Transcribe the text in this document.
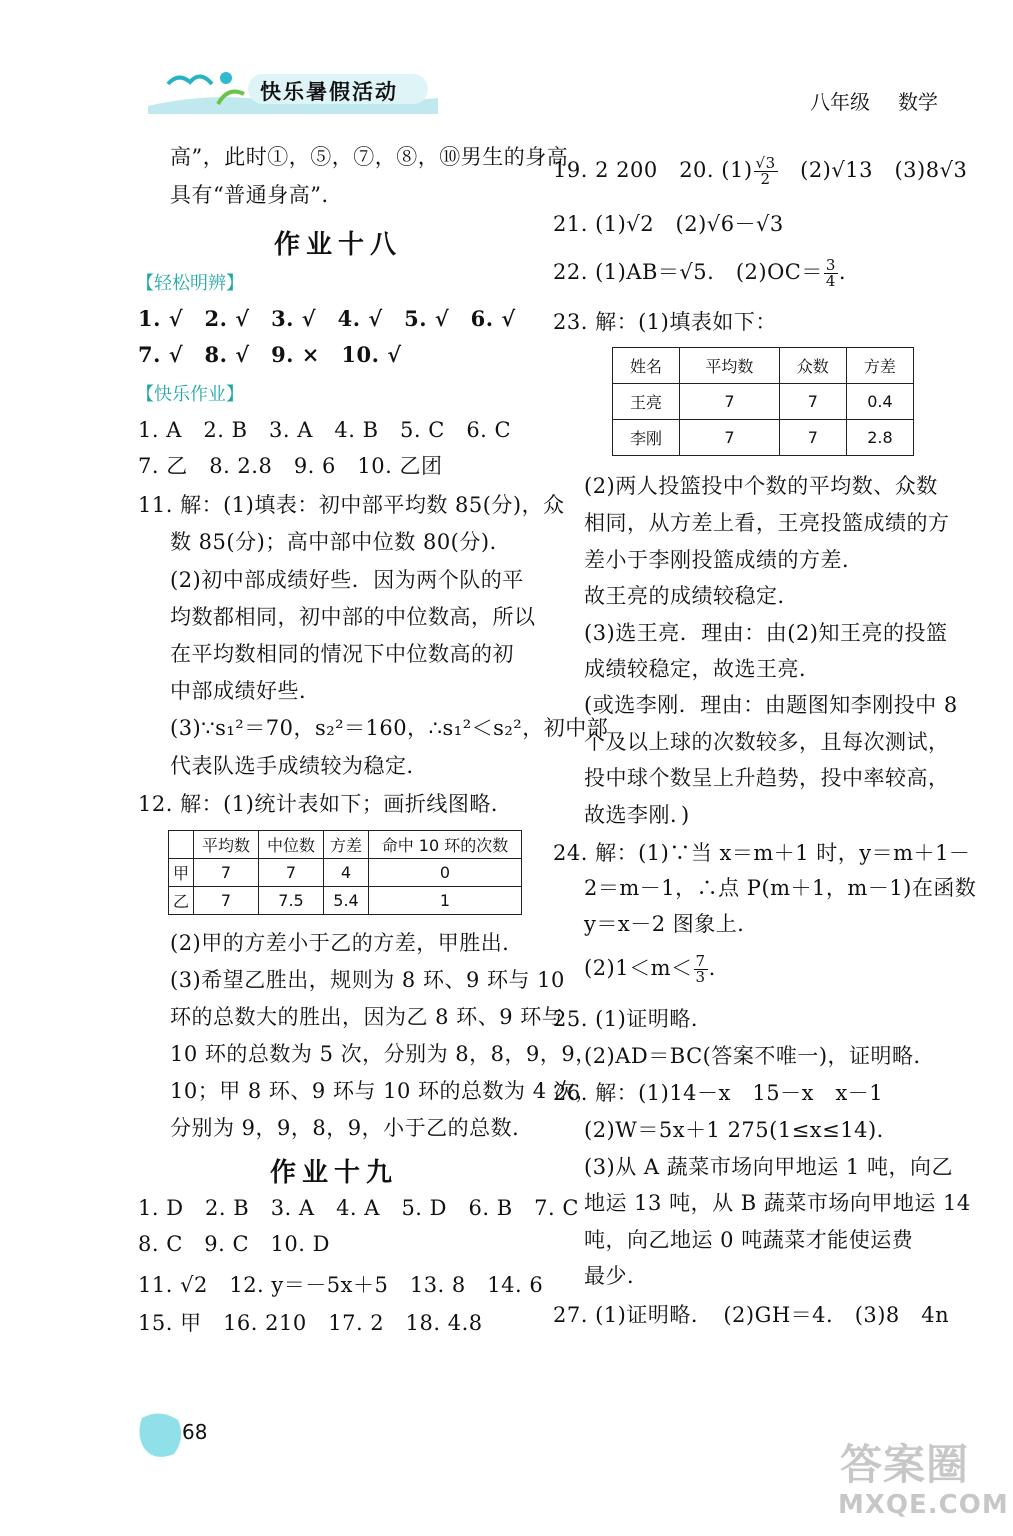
快乐暑假活动	八年级 数学
高”，此时①，⑤，⑦，⑧，⑩男生的身高
具有“普通身高”．
作业十八
【轻松明辨】
1. √　2. √　3. √　4. √　5. √　6. √
7. √　8. √　9. ×　10. √
【快乐作业】
1. A　2. B　3. A　4. B　5. C　6. C
7. 乙　8. 2.8　9. 6　10. 乙团
11. 解：(1)填表：初中部平均数 85(分)，众
数 85(分)；高中部中位数 80(分)．
(2)初中部成绩好些．因为两个队的平
均数都相同，初中部的中位数高，所以
在平均数相同的情况下中位数高的初
中部成绩好些．
(3)∵s₁²＝70，s₂²＝160，∴s₁²＜s₂²，初中部
代表队选手成绩较为稳定．
12. 解：(1)统计表如下；画折线图略．
	平均数	中位数	方差	命中 10 环的次数
甲	7	7	4	0
乙	7	7.5	5.4	1
(2)甲的方差小于乙的方差，甲胜出．
(3)希望乙胜出，规则为 8 环、9 环与 10
环的总数大的胜出，因为乙 8 环、9 环与
10 环的总数为 5 次，分别为 8，8，9，9，
10；甲 8 环、9 环与 10 环的总数为 4 次，
分别为 9，9，8，9，小于乙的总数．
作业十九
1. D　2. B　3. A　4. A　5. D　6. B　7. C
8. C　9. C　10. D
11. √2　 12. y＝－5x＋5　13. 8　14. 6
15. 甲　16. 210　17. 2　18. 4.8
19. 2 200　20. $(1) \frac{√3}{2}$
　 (2)√13　(3)8√3
21. (1)√2　(2)√6－√3
22. (1)AB＝√5.　$(2)OC= \frac{3}{4}$ .
23. 解：(1)填表如下：
姓名	平均数	众数	方差
王亮	7	7	0.4
李刚	7	7	2.8
(2)两人投篮投中个数的平均数、众数
相同，从方差上看，王亮投篮成绩的方
差小于李刚投篮成绩的方差．
故王亮的成绩较稳定．
(3)选王亮．理由：由(2)知王亮的投篮
成绩较稳定，故选王亮．
(或选李刚．理由：由题图知李刚投中 8
个及以上球的次数较多，且每次测试，
投中球个数呈上升趋势，投中率较高，
故选李刚．)
24. 解：(1)∵当 x＝m＋1 时，y＝m＋1－
2＝m－1，∴点 P(m＋1，m－1)在函数
y＝x－2 图象上．
$(2)1<m< \frac{7}{3}$ .
25. (1)证明略．
(2)AD＝BC(答案不唯一)，证明略．
26. 解：(1)14－x　15－x　x－1
(2)W＝5x＋1 275(1≤x≤14)．
(3)从 A 蔬菜市场向甲地运 1 吨，向乙
地运 13 吨，从 B 蔬菜市场向甲地运 14
吨，向乙地运 0 吨蔬菜才能使运费
最少．
27. (1)证明略．　(2)GH＝4.　(3)8　4n
68
答案圈
MXQE.COM
